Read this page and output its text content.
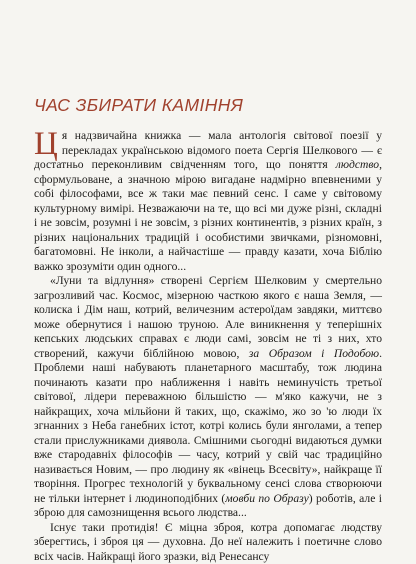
ЧАС ЗБИРАТИ КАМІННЯ

Ц я надзвичайна книжка — мала антологія світової поезії у перекладах українською відомого поета Сергія Шелкового — є достатньо переконливим свідченням того, що поняття людство, сформульоване, а значною мірою вигадане надмірно впевненими у собі філософами, все ж таки має певний сенс. І саме у світовому культурному вимірі. Незважаючи на те, що всі ми дуже різні, складні і не зовсім, розумні і не зовсім, з різних континентів, з різних країн, з різних національних традицій і особистими звичками, різномовні, багатомовні. Не інколи, а найчастіше — правду казати, хоча Біблію важко зрозуміти один одного...

«Луни та відлуння» створені Сергієм Шелковим у смертельно загрозливий час. Космос, мізерною часткою якого є наша Земля, — колиска і Дім наш, котрий, величезним астероїдам завдяки, миттєво може обернутися і нашою труною. Але виникнення у теперішніх кепських людських справах є люди самі, зовсім не ті з них, хто створений, кажучи біблійною мовою, за Образом і Подобою. Проблеми наші набувають планетарного масштабу, тож людина починають казати про наближення і навіть неминучість третьої світової, лідери переважною більшістю — м'яко кажучи, не з найкращих, хоча мільйони й таких, що, скажімо, жо зо 'ю люди їх згнанних з Неба ганебних істот, котрі колись були янголами, а тепер стали прислужниками диявола. Смішними сьогодні видаються думки вже стародавніх філософів — часу, котрий у свій час традиційно називається Новим, — про людину як «вінець Всесвіту», найкраще її творіння. Прогрес технологій у буквальному сенсі слова створюючи не тільки інтернет і людиноподібних (мовби по Образу) роботів, але і зброю для самознищення всього людства...

Існує таки протидія! Є міцна зброя, котра допомагає людству зберегтись, і зброя ця — духовна. До неї належить і поетичне слово всіх часів. Найкращі його зразки, від Ренесансу
